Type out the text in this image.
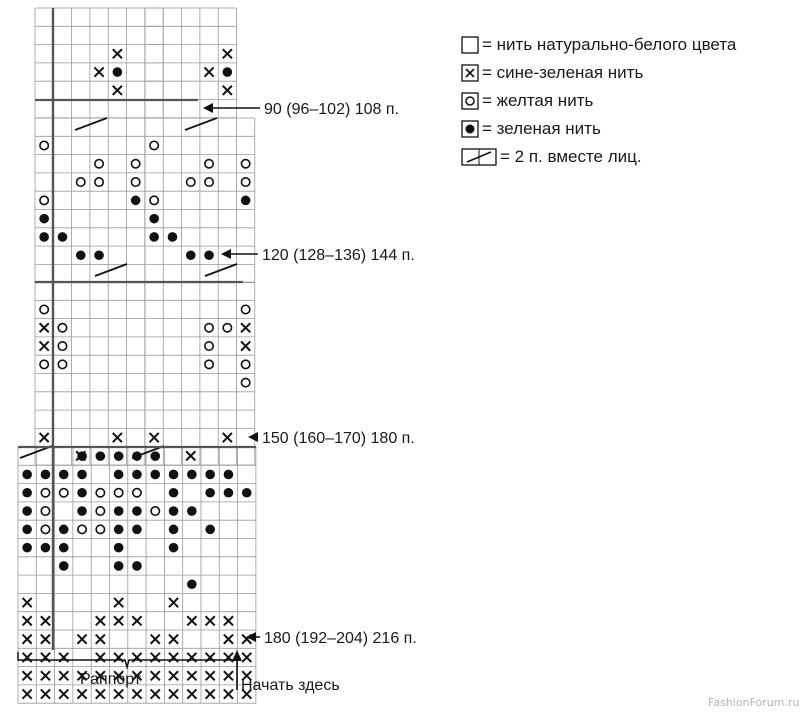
90 (96–102) 108 п.
120 (128–136) 144 п.
150 (160–170) 180 п.
180 (192–204) 216 п.
Раппорт	Начать здесь
FashionForum.ru
= нить натурально-белого цвета
= сине-зеленая нить
= желтая нить
= зеленая нить
= 2 п. вместе лиц.
